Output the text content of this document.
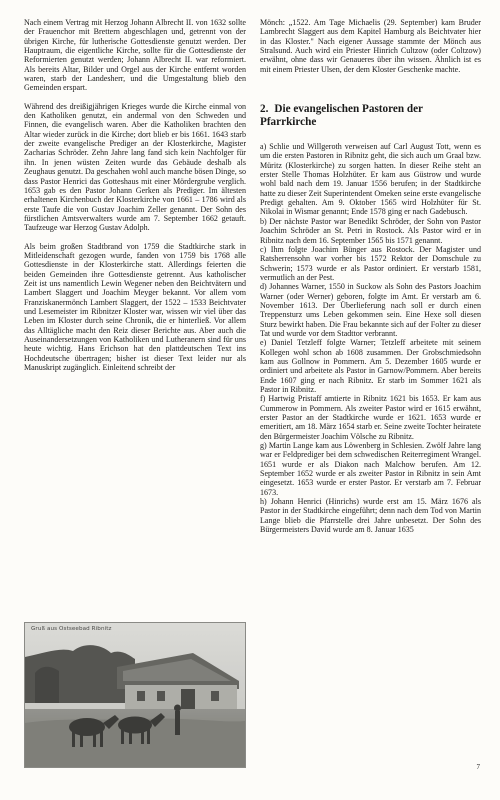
Nach einem Vertrag mit Herzog Johann Albrecht II. von 1632 sollte der Frauenchor mit Brettern abgeschlagen und, getrennt von der übrigen Kirche, für lutherische Gottesdienste genutzt werden. Der Hauptraum, die eigentliche Kirche, sollte für die Gottesdienste der Reformierten genutzt werden; Johann Albrecht II. war reformiert. Als bereits Altar, Bilder und Orgel aus der Kirche entfernt worden waren, starb der Landesherr, und die Umgestaltung blieb den Gemeinden erspart.

Während des dreißigjährigen Krieges wurde die Kirche einmal von den Katholiken genutzt, ein andermal von den Schweden und Finnen, die evangelisch waren. Aber die Katholiken brachten den Altar wieder zurück in die Kirche; dort blieb er bis 1661. 1643 starb der zweite evangelische Prediger an der Klosterkirche, Magister Zacharias Schröder. Zehn Jahre lang fand sich kein Nachfolger für ihn. In jenen wüsten Zeiten wurde das Gebäude deshalb als Zeughaus genutzt. Da geschahen wohl auch manche bösen Dinge, so dass Pastor Henrici das Gotteshaus mit einer Mördergrube verglich. 1653 gab es den Pastor Johann Gerken als Prediger. Im ältesten erhaltenen Kirchenbuch der Klosterkirche von 1661 – 1786 wird als erste Taufe die von Gustav Joachim Zeller genannt. Der Sohn des fürstlichen Amtsverwalters wurde am 7. September 1662 getauft. Taufzeuge war Herzog Gustav Adolph.

Als beim großen Stadtbrand von 1759 die Stadtkirche stark in Mitleidenschaft gezogen wurde, fanden von 1759 bis 1768 alle Gottesdienste in der Klosterkirche statt. Allerdings feierten die beiden Gemeinden ihre Gottesdienste getrennt. Aus katholischer Zeit ist uns namentlich Lewin Wegener neben den Beichtvätern und Lambert Slaggert und Joachim Meyger bekannt. Vor allem vom Franziskanermönch Lambert Slaggert, der 1522 – 1533 Beichtvater und Lesemeister im Ribnitzer Kloster war, wissen wir viel über das Leben im Kloster durch seine Chronik, die er hinterließ. Vor allem das Alltägliche macht den Reiz dieser Berichte aus. Aber auch die Auseinandersetzungen von Katholiken und Lutheranern sind für uns heute wichtig. Hans Erichson hat den plattdeutschen Text ins Hochdeutsche übertragen; bisher ist dieser Text leider nur als Manuskript zugänglich. Einleitend schreibt der

Gruß aus Ostseebad Ribnitz

Mönch: „1522. Am Tage Michaelis (29. September) kam Bruder Lambrecht Slaggert aus dem Kapitel Hamburg als Beichtvater hier in das Kloster." Nach eigener Aussage stammte der Mönch aus Stralsund. Auch wird ein Priester Hinrich Cultzow (oder Coltzow) erwähnt, ohne dass wir Genaueres über ihn wissen. Ähnlich ist es mit einem Priester Ulsen, der dem Kloster Geschenke machte.

2. Die evangelischen Pastoren der Pfarrkirche

a) Schlie und Willgeroth verweisen auf Carl August Tott, wenn es um die ersten Pastoren in Ribnitz geht, die sich auch um Graal bzw. Müritz (Klosterkirche) zu sorgen hatten. In dieser Reihe steht an erster Stelle Thomas Holzhüter. Er kam aus Güstrow und wurde wohl bald nach dem 19. Januar 1556 berufen; in der Stadtkirche hatte zu dieser Zeit Superintendent Omeken seine erste evangelische Predigt gehalten. Am 9. Oktober 1565 wird Holzhüter für St. Nikolai in Wismar genannt; Ende 1578 ging er nach Gadebusch.

b) Der nächste Pastor war Benedikt Schröder, der Sohn von Pastor Joachim Schröder an St. Petri in Rostock. Als Pastor wird er in Ribnitz nach dem 16. September 1565 bis 1571 genannt.

c) Ihm folgte Joachim Bünger aus Rostock. Der Magister und Ratsherrensohn war vorher bis 1572 Rektor der Domschule zu Schwerin; 1573 wurde er als Pastor ordiniert. Er verstarb 1581, vermutlich an der Pest.

d) Johannes Warner, 1550 in Suckow als Sohn des Pastors Joachim Warner (oder Werner) geboren, folgte im Amt. Er verstarb am 6. November 1613. Der Überlieferung nach soll er durch einen Treppensturz ums Leben gekommen sein. Eine Hexe soll diesen Sturz bewirkt haben. Die Frau bekannte sich auf der Folter zu dieser Tat und wurde vor dem Stadttor verbrannt.

e) Daniel Tetzleff folgte Warner; Tetzleff arbeitete mit seinem Kollegen wohl schon ab 1608 zusammen. Der Grobschmiedsohn kam aus Gollnow in Pommern. Am 5. Dezember 1605 wurde er ordiniert und arbeitete als Pastor in Garnow/Pommern. Aber bereits Ende 1607 ging er nach Ribnitz. Er starb im Sommer 1621 als Pastor in Ribnitz.

f) Hartwig Pristaff amtierte in Ribnitz 1621 bis 1653. Er kam aus Cummerow in Pommern. Als zweiter Pastor wird er 1615 erwähnt, erster Pastor an der Stadtkirche wurde er 1621. 1653 wurde er emeritiert, am 18. März 1654 starb er. Seine zweite Tochter heiratete den Bürgermeister Joachim Völsche zu Ribnitz.

g) Martin Lange kam aus Löwenberg in Schlesien. Zwölf Jahre lang war er Feldprediger bei dem schwedischen Reiterregiment Wrangel. 1651 wurde er als Diakon nach Malchow berufen. Am 12. September 1652 wurde er als zweiter Pastor in Ribnitz in sein Amt eingesetzt. 1653 wurde er erster Pastor. Er verstarb am 7. Februar 1673.

h) Johann Henrici (Hinrichs) wurde erst am 15. März 1676 als Pastor in der Stadtkirche eingeführt; denn nach dem Tod von Martin Lange blieb die Pfarrstelle drei Jahre unbesetzt. Der Sohn des Bürgermeisters David wurde am 8. Januar 1635

7
